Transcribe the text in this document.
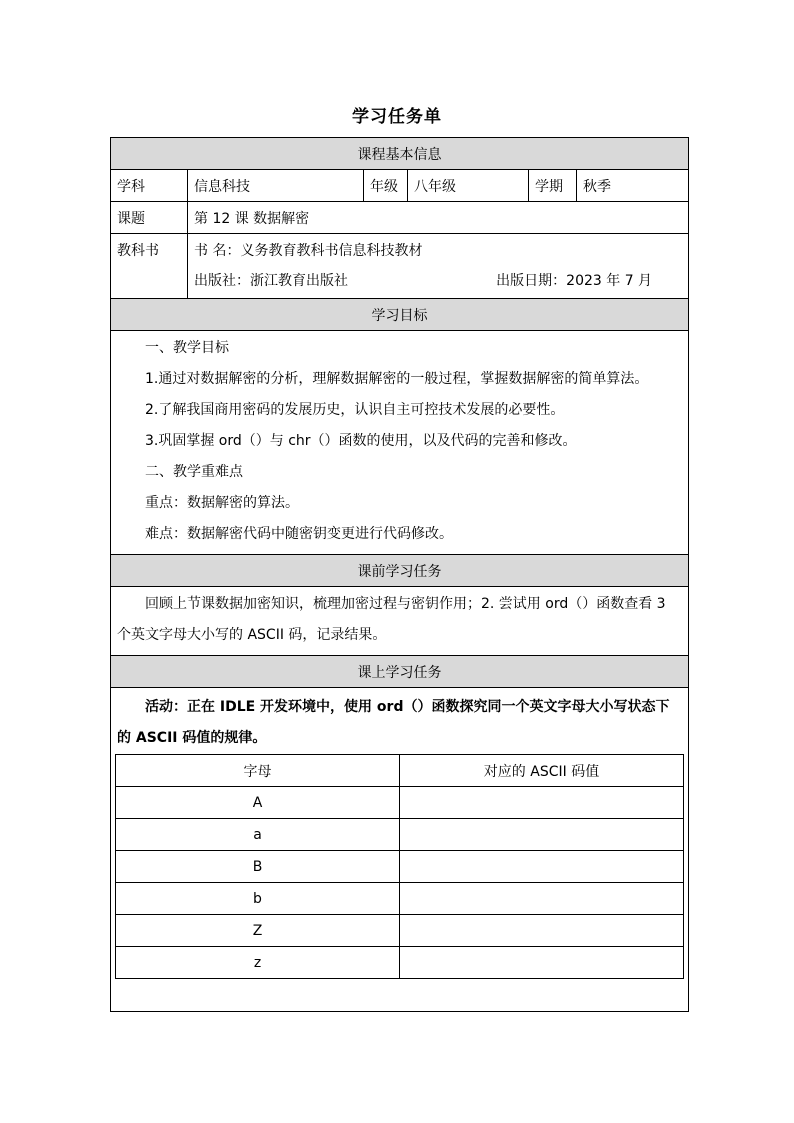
学习任务单
课程基本信息
学科	信息科技	年级	八年级	学期	秋季
课题	第 12 课 数据解密
教科书	书 名：义务教育教科书信息科技教材
出版社：浙江教育出版社	出版日期：2023 年 7 月

学习目标

一、教学目标

1.通过对数据解密的分析，理解数据解密的一般过程，掌握数据解密的简单算法。

2.了解我国商用密码的发展历史，认识自主可控技术发展的必要性。

3.巩固掌握 ord（）与 chr（）函数的使用，以及代码的完善和修改。

二、教学重难点

重点：数据解密的算法。

难点：数据解密代码中随密钥变更进行代码修改。

课前学习任务

回顾上节课数据加密知识，梳理加密过程与密钥作用；2. 尝试用 ord（）函数查看 3 个英文字母大小写的 ASCII 码，记录结果。

课上学习任务

活动：正在 IDLE 开发环境中，使用 ord（）函数探究同一个英文字母大小写状态下的 ASCII 码值的规律。

字母	对应的 ASCII 码值
A	
a	
B	
b	
Z	
z	
